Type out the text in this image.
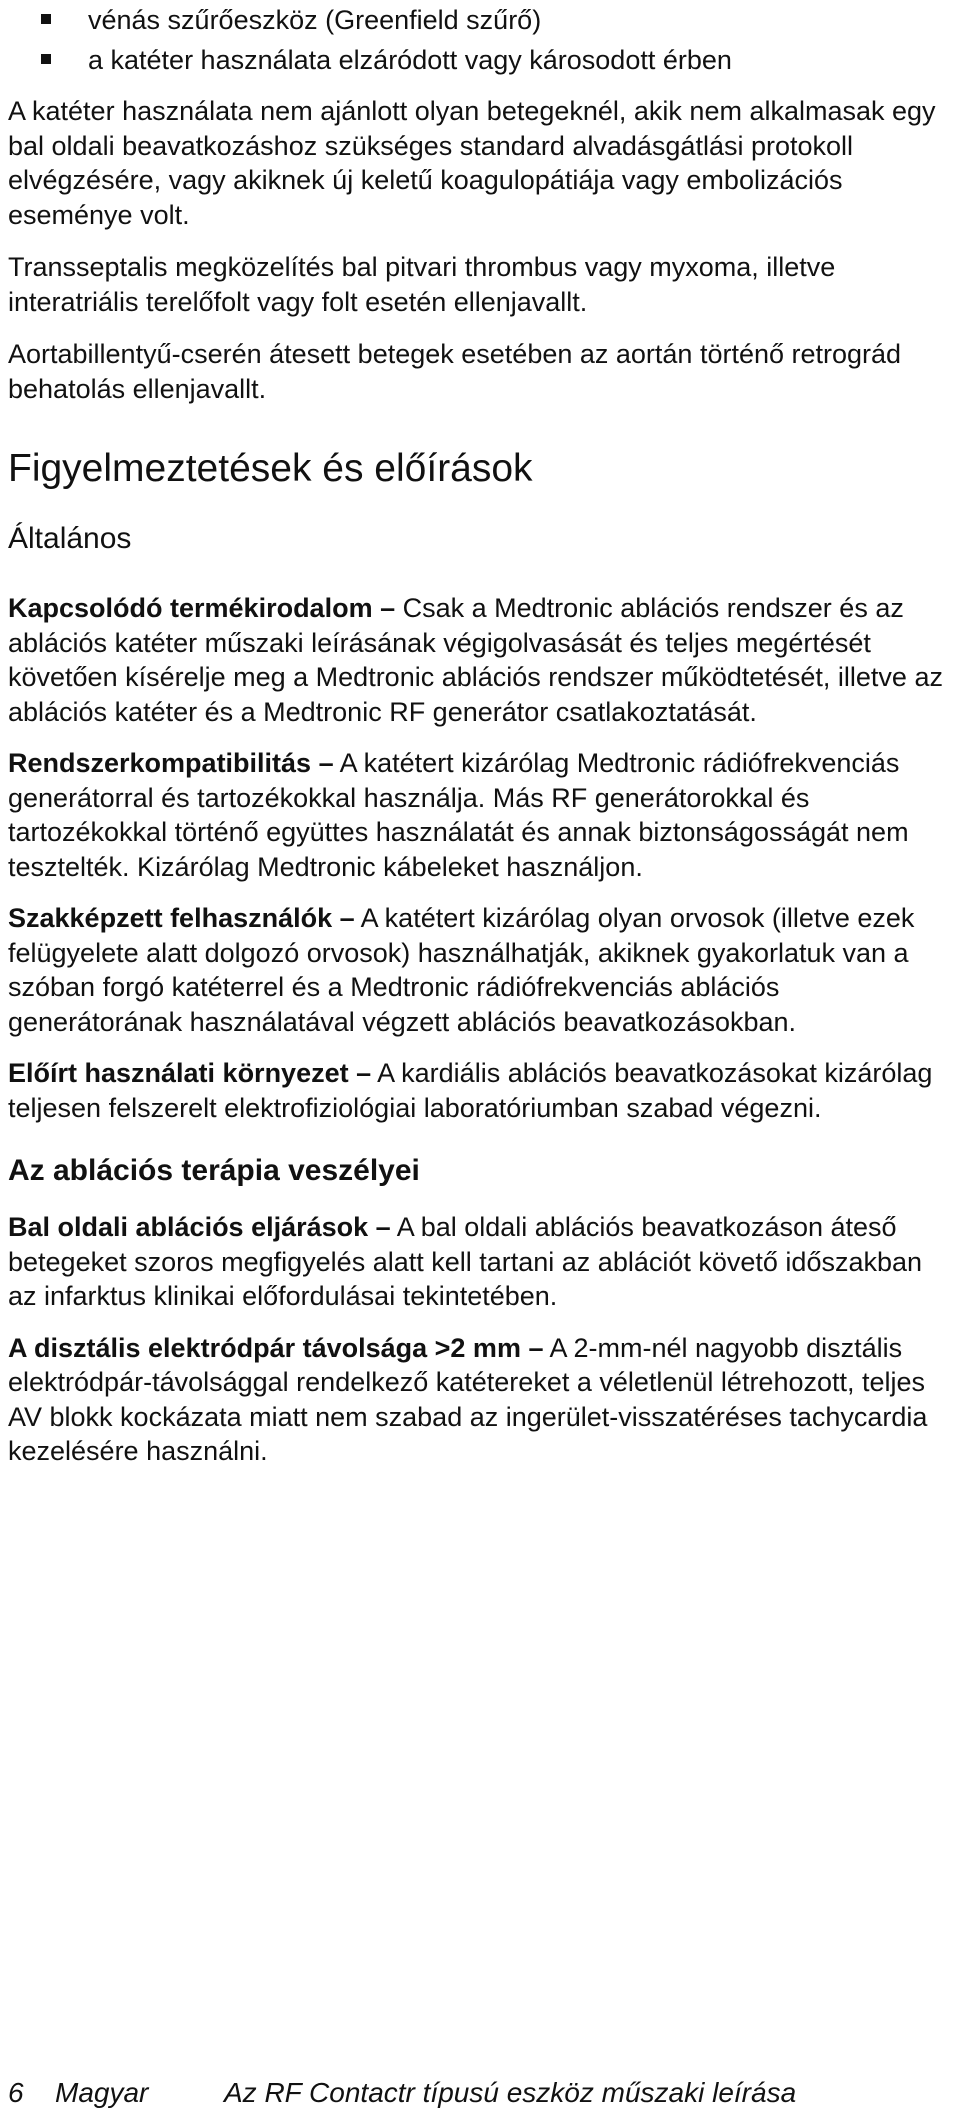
vénás szűrőeszköz (Greenfield szűrő)
a katéter használata elzáródott vagy károsodott érben

A katéter használata nem ajánlott olyan betegeknél, akik nem alkalmasak egy bal oldali beavatkozáshoz szükséges standard alvadásgátlási protokoll elvégzésére, vagy akiknek új keletű koagulopátiája vagy embolizációs eseménye volt.

Transseptalis megközelítés bal pitvari thrombus vagy myxoma, illetve interatriális terelőfolt vagy folt esetén ellenjavallt.

Aortabillentyű-cserén átesett betegek esetében az aortán történő retrográd behatolás ellenjavallt.

Figyelmeztetések és előírások
Általános

Kapcsolódó termékirodalom – Csak a Medtronic ablációs rendszer és az ablációs katéter műszaki leírásának végigolvasását és teljes megértését követően kísérelje meg a Medtronic ablációs rendszer működtetését, illetve az ablációs katéter és a Medtronic RF generátor csatlakoztatását.

Rendszerkompatibilitás – A katétert kizárólag Medtronic rádiófrekvenciás generátorral és tartozékokkal használja. Más RF generátorokkal és tartozékokkal történő együttes használatát és annak biztonságosságát nem tesztelték. Kizárólag Medtronic kábeleket használjon.

Szakképzett felhasználók – A katétert kizárólag olyan orvosok (illetve ezek felügyelete alatt dolgozó orvosok) használhatják, akiknek gyakorlatuk van a szóban forgó katéterrel és a Medtronic rádiófrekvenciás ablációs generátorának használatával végzett ablációs beavatkozásokban.

Előírt használati környezet – A kardiális ablációs beavatkozásokat kizárólag teljesen felszerelt elektrofiziológiai laboratóriumban szabad végezni.

Az ablációs terápia veszélyei

Bal oldali ablációs eljárások – A bal oldali ablációs beavatkozáson áteső betegeket szoros megfigyelés alatt kell tartani az ablációt követő időszakban az infarktus klinikai előfordulásai tekintetében.

A disztális elektródpár távolsága >2 mm – A 2-mm-nél nagyobb disztális elektródpár-távolsággal rendelkező katétereket a véletlenül létrehozott, teljes AV blokk kockázata miatt nem szabad az ingerület-visszatéréses tachycardia kezelésére használni.

6 Magyar	Az RF Contactr típusú eszköz műszaki leírása
